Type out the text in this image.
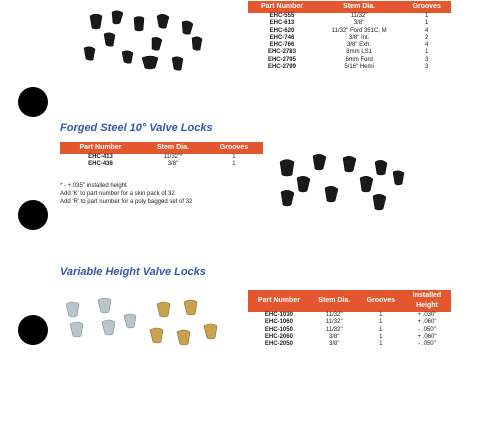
Part Number	Stem Dia.	Grooves
EHC-555	11/32"	1
EHC-613	3/8"	1
EHC-620	11/32" Ford 351C, M	4
EHC-746	3/8" Int.	2
EHC-766	3/8" Exh.	4
EHC-2783	8mm LS1	1
EHC-2795	6mm Ford	3
EHC-2799	5/16" Hemi	3
Forged Steel 10° Valve Locks
Part Number	Stem Dia.	Grooves
EHC-413	11/32"*	1
EHC-438	3/8"	1
* - +.035" installed height
Add 'K' to part number for a skin pack of 32
Add 'R' to part number for a poly bagged set of 32
Variable Height Valve Locks
Part Number	Stem Dia.	Grooves	Installed Height
EHC-1030	11/32"	1	+ .030"
EHC-1060	11/32"	1	+ .060"
EHC-1050	11/32"	1	- .050"
EHC-2060	3/8"	1	+ .060"
EHC-2050	3/8"	1	- .050"
